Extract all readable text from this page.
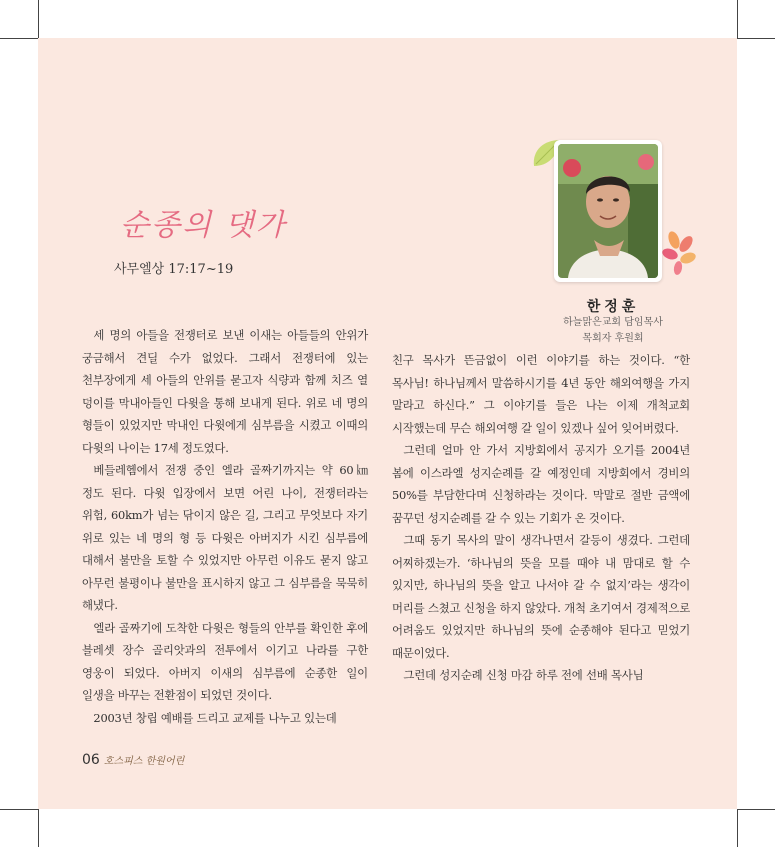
순종의 댓가
사무엘상 17:17~19
한정훈
하늘맑은교회 담임목사
목회자 후원회

세 명의 아들을 전쟁터로 보낸 이새는 아들들의 안위가 궁금해서 견딜 수가 없었다. 그래서 전쟁터에 있는 천부장에게 세 아들의 안위를 묻고자 식량과 함께 치즈 열 덩이를 막내아들인 다윗을 통해 보내게 된다. 위로 네 명의 형들이 있었지만 막내인 다윗에게 심부름을 시켰고 이때의 다윗의 나이는 17세 정도였다.

베들레헴에서 전쟁 중인 엘라 골짜기까지는 약 60㎞ 정도 된다. 다윗 입장에서 보면 어린 나이, 전쟁터라는 위험, 60km가 넘는 닦이지 않은 길, 그리고 무엇보다 자기 위로 있는 네 명의 형 등 다윗은 아버지가 시킨 심부름에 대해서 불만을 토할 수 있었지만 아무런 이유도 묻지 않고 아무런 불평이나 불만을 표시하지 않고 그 심부름을 묵묵히 해냈다.

엘라 골짜기에 도착한 다윗은 형들의 안부를 확인한 후에 블레셋 장수 골리앗과의 전투에서 이기고 나라를 구한 영웅이 되었다. 아버지 이새의 심부름에 순종한 일이 일생을 바꾸는 전환점이 되었던 것이다.

2003년 창립 예배를 드리고 교제를 나누고 있는데

친구 목사가 뜬금없이 이런 이야기를 하는 것이다. “한 목사님! 하나님께서 말씀하시기를 4년 동안 해외여행을 가지 말라고 하신다.” 그 이야기를 들은 나는 이제 개척교회 시작했는데 무슨 해외여행 갈 일이 있겠나 싶어 잊어버렸다.

그런데 얼마 안 가서 지방회에서 공지가 오기를 2004년 봄에 이스라엘 성지순례를 갈 예정인데 지방회에서 경비의 50%를 부담한다며 신청하라는 것이다. 막말로 절반 금액에 꿈꾸던 성지순례를 갈 수 있는 기회가 온 것이다.

그때 동기 목사의 말이 생각나면서 갈등이 생겼다. 그런데 어찌하겠는가. ‘하나님의 뜻을 모를 때야 내 맘대로 할 수 있지만, 하나님의 뜻을 알고 나서야 갈 수 없지’라는 생각이 머리를 스쳤고 신청을 하지 않았다. 개척 초기여서 경제적으로 어려움도 있었지만 하나님의 뜻에 순종해야 된다고 믿었기 때문이었다.

그런데 성지순례 신청 마감 하루 전에 선배 목사님

06 호스피스 한원어린
